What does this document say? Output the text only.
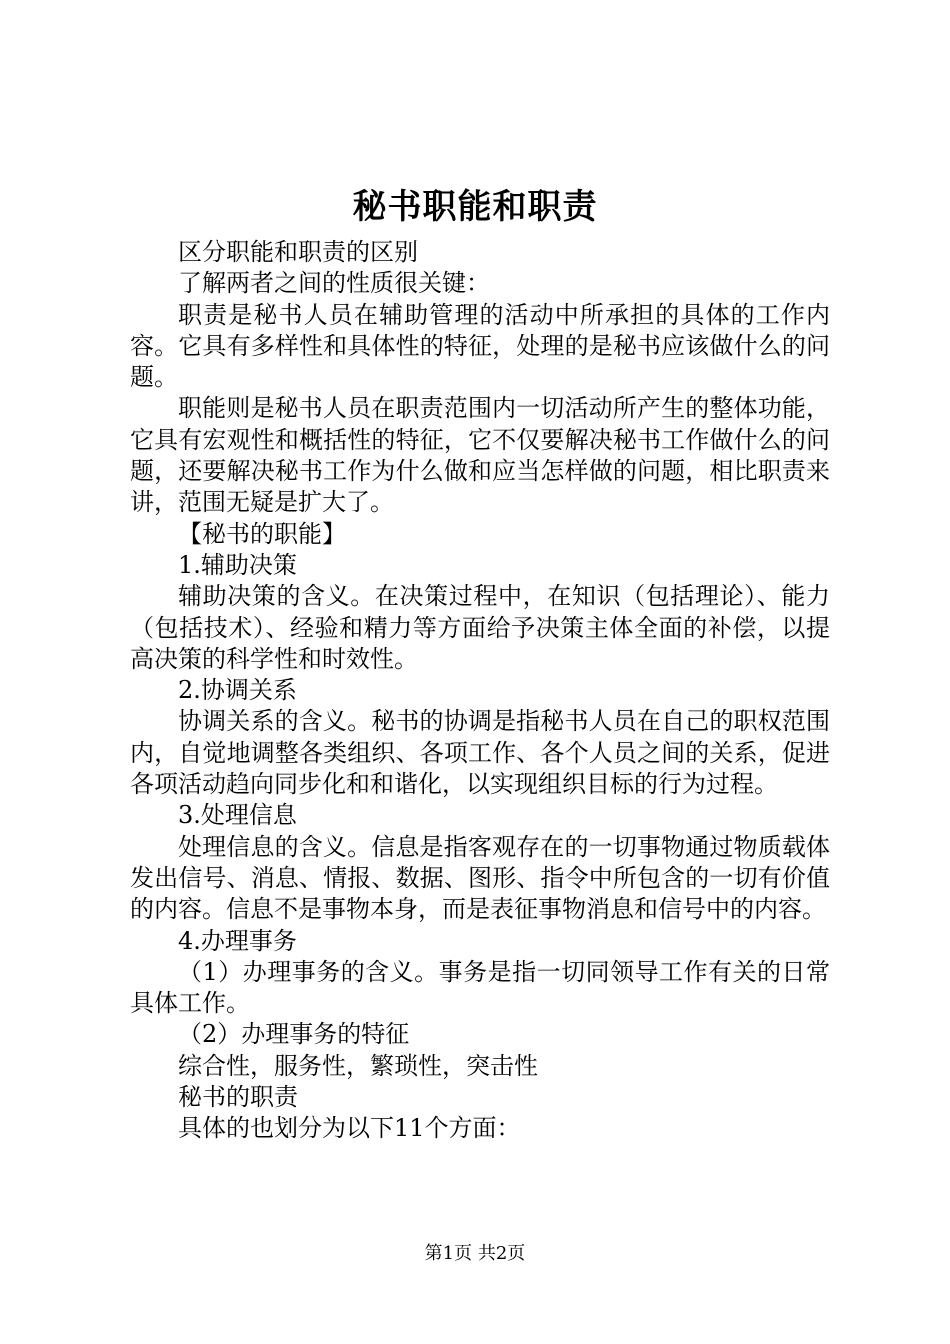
秘书职能和职责

区分职能和职责的区别

了解两者之间的性质很关键：

职责是秘书人员在辅助管理的活动中所承担的具体的工作内容。它具有多样性和具体性的特征，处理的是秘书应该做什么的问题。

职能则是秘书人员在职责范围内一切活动所产生的整体功能，它具有宏观性和概括性的特征，它不仅要解决秘书工作做什么的问题，还要解决秘书工作为什么做和应当怎样做的问题，相比职责来讲，范围无疑是扩大了。

【秘书的职能】

1.辅助决策

辅助决策的含义。在决策过程中，在知识（包括理论）、能力（包括技术）、经验和精力等方面给予决策主体全面的补偿，以提高决策的科学性和时效性。

2.协调关系

协调关系的含义。秘书的协调是指秘书人员在自己的职权范围内，自觉地调整各类组织、各项工作、各个人员之间的关系，促进各项活动趋向同步化和和谐化，以实现组织目标的行为过程。

3.处理信息

处理信息的含义。信息是指客观存在的一切事物通过物质载体发出信号、消息、情报、数据、图形、指令中所包含的一切有价值的内容。信息不是事物本身，而是表征事物消息和信号中的内容。

4.办理事务

（1）办理事务的含义。事务是指一切同领导工作有关的日常具体工作。

（2）办理事务的特征

综合性，服务性，繁琐性，突击性

秘书的职责

具体的也划分为以下11个方面：

第1页 共2页
